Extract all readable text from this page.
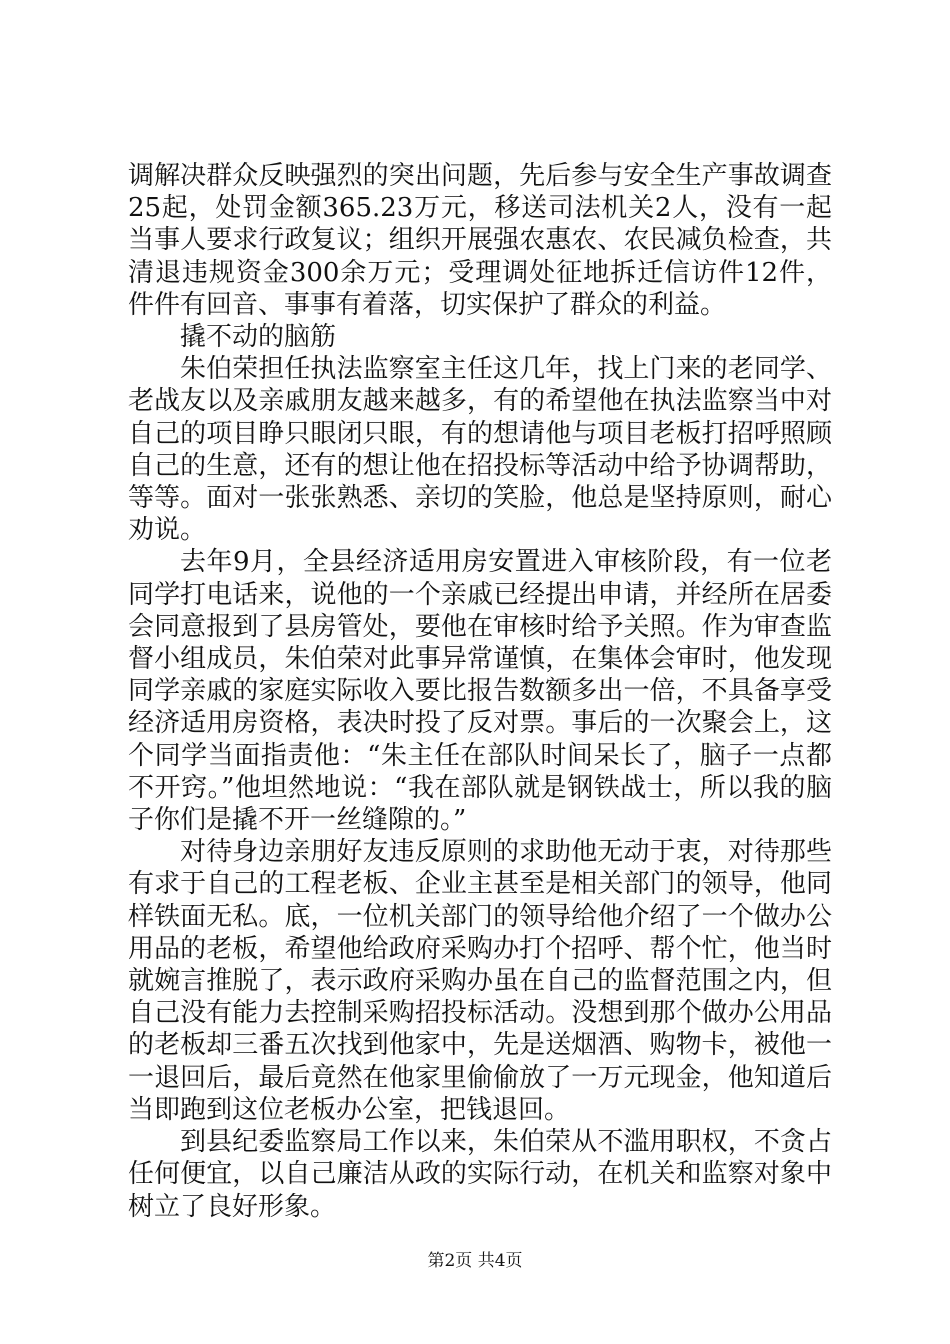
调解决群众反映强烈的突出问题，先后参与安全生产事故调查25起，处罚金额365.23万元，移送司法机关2人，没有一起当事人要求行政复议；组织开展强农惠农、农民减负检查，共清退违规资金300余万元；受理调处征地拆迁信访件12件，件件有回音、事事有着落，切实保护了群众的利益。

撬不动的脑筋

朱伯荣担任执法监察室主任这几年，找上门来的老同学、老战友以及亲戚朋友越来越多，有的希望他在执法监察当中对自己的项目睁只眼闭只眼，有的想请他与项目老板打招呼照顾自己的生意，还有的想让他在招投标等活动中给予协调帮助，等等。面对一张张熟悉、亲切的笑脸，他总是坚持原则，耐心劝说。

去年9月，全县经济适用房安置进入审核阶段，有一位老同学打电话来，说他的一个亲戚已经提出申请，并经所在居委会同意报到了县房管处，要他在审核时给予关照。作为审查监督小组成员，朱伯荣对此事异常谨慎，在集体会审时，他发现同学亲戚的家庭实际收入要比报告数额多出一倍，不具备享受经济适用房资格，表决时投了反对票。事后的一次聚会上，这个同学当面指责他：“朱主任在部队时间呆长了，脑子一点都不开窍。”他坦然地说：“我在部队就是钢铁战士，所以我的脑子你们是撬不开一丝缝隙的。”

对待身边亲朋好友违反原则的求助他无动于衷，对待那些有求于自己的工程老板、企业主甚至是相关部门的领导，他同样铁面无私。底，一位机关部门的领导给他介绍了一个做办公用品的老板，希望他给政府采购办打个招呼、帮个忙，他当时就婉言推脱了，表示政府采购办虽在自己的监督范围之内，但自己没有能力去控制采购招投标活动。没想到那个做办公用品的老板却三番五次找到他家中，先是送烟酒、购物卡，被他一一退回后，最后竟然在他家里偷偷放了一万元现金，他知道后当即跑到这位老板办公室，把钱退回。

到县纪委监察局工作以来，朱伯荣从不滥用职权，不贪占任何便宜，以自己廉洁从政的实际行动，在机关和监察对象中树立了良好形象。

第2页 共4页
